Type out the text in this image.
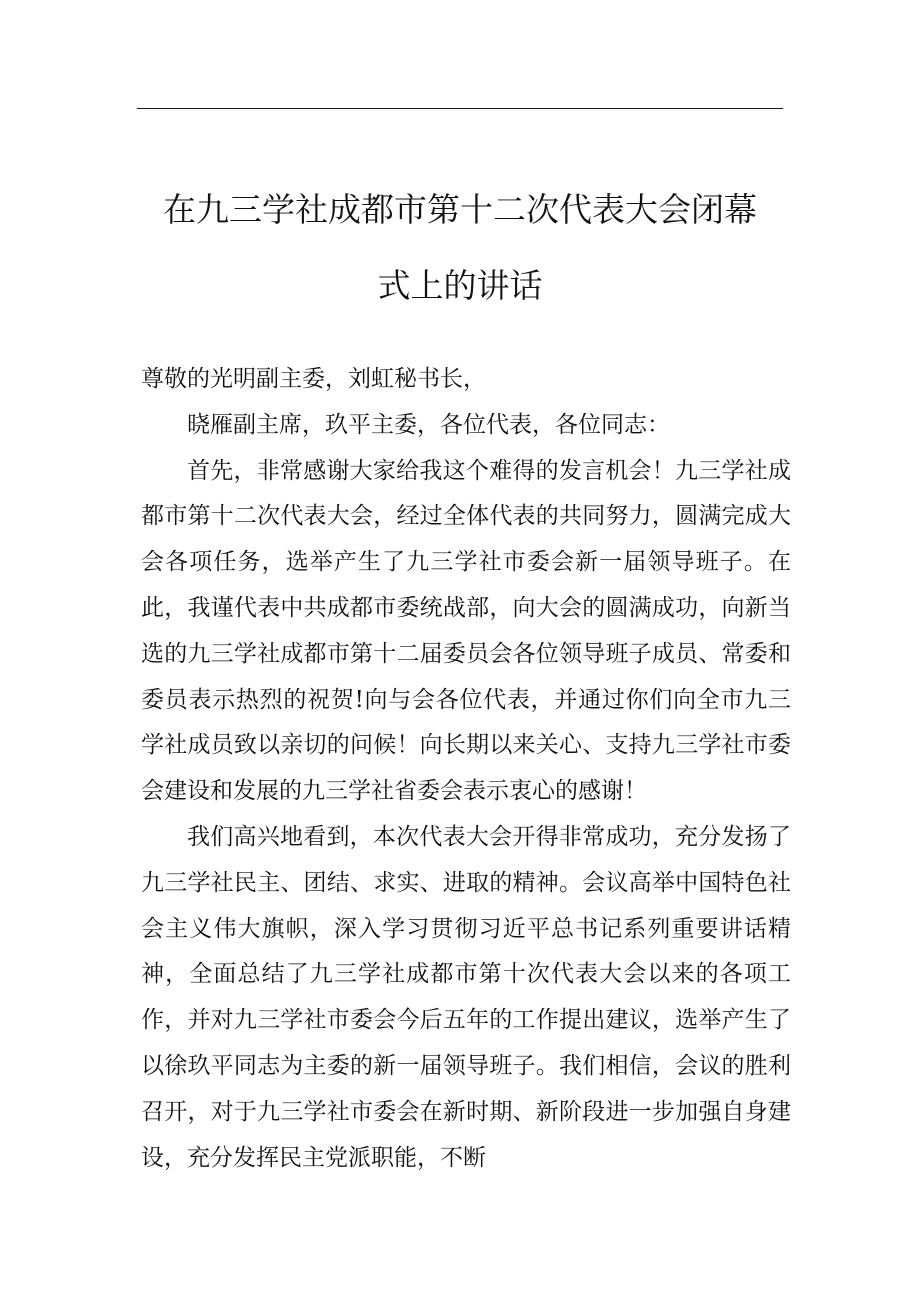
在九三学社成都市第十二次代表大会闭幕
式上的讲话

尊敬的光明副主委，刘虹秘书长，

晓雁副主席，玖平主委，各位代表，各位同志：

首先，非常感谢大家给我这个难得的发言机会！九三学社成都市第十二次代表大会，经过全体代表的共同努力，圆满完成大会各项任务，选举产生了九三学社市委会新一届领导班子。在此，我谨代表中共成都市委统战部，向大会的圆满成功，向新当选的九三学社成都市第十二届委员会各位领导班子成员、常委和委员表示热烈的祝贺!向与会各位代表，并通过你们向全市九三学社成员致以亲切的问候！向长期以来关心、支持九三学社市委会建设和发展的九三学社省委会表示衷心的感谢！

我们高兴地看到，本次代表大会开得非常成功，充分发扬了九三学社民主、团结、求实、进取的精神。会议高举中国特色社会主义伟大旗帜，深入学习贯彻习近平总书记系列重要讲话精神，全面总结了九三学社成都市第十次代表大会以来的各项工作，并对九三学社市委会今后五年的工作提出建议，选举产生了以徐玖平同志为主委的新一届领导班子。我们相信，会议的胜利召开，对于九三学社市委会在新时期、新阶段进一步加强自身建设，充分发挥民主党派职能，不断
